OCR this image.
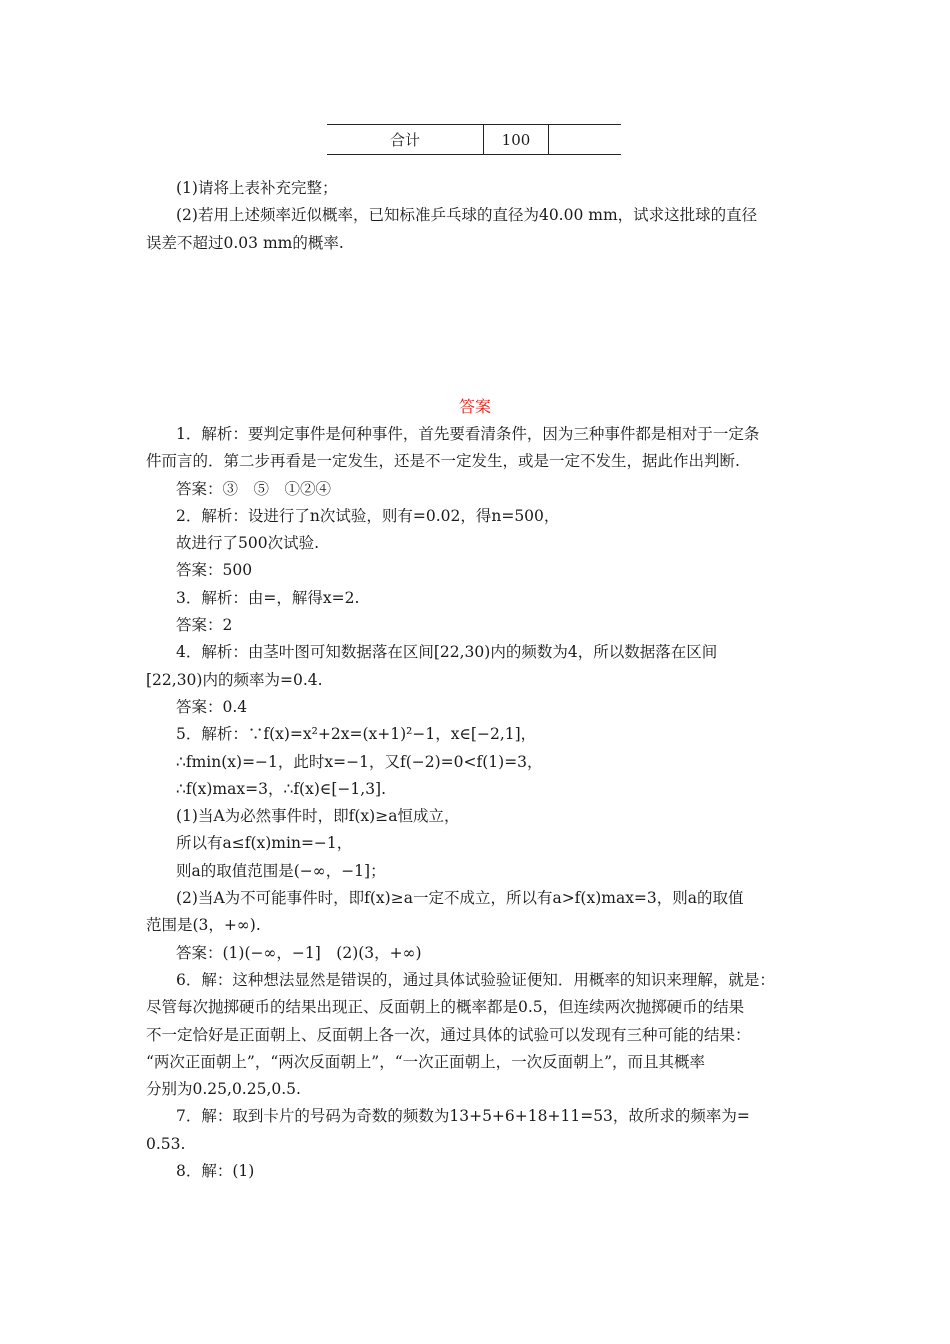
合计	100	

(1)请将上表补充完整；

(2)若用上述频率近似概率，已知标准乒乓球的直径为40.00 mm，试求这批球的直径

误差不超过0.03 mm的概率.

答案

1．解析：要判定事件是何种事件，首先要看清条件，因为三种事件都是相对于一定条

件而言的．第二步再看是一定发生，还是不一定发生，或是一定不发生，据此作出判断.

答案：③　⑤　①②④

2．解析：设进行了n次试验，则有=0.02，得n=500，

故进行了500次试验.

答案：500

3．解析：由=，解得x=2.

答案：2

4．解析：由茎叶图可知数据落在区间[22,30)内的频数为4，所以数据落在区间

[22,30)内的频率为=0.4.

答案：0.4

5．解析：∵f(x)=x²+2x=(x+1)²−1，x∈[−2,1]，

∴fmin(x)=−1，此时x=−1，又f(−2)=0<f(1)=3，

∴f(x)max=3，∴f(x)∈[−1,3].

(1)当A为必然事件时，即f(x)≥a恒成立，

所以有a≤f(x)min=−1，

则a的取值范围是(−∞，−1]；

(2)当A为不可能事件时，即f(x)≥a一定不成立，所以有a>f(x)max=3，则a的取值

范围是(3，+∞).

答案：(1)(−∞，−1]　(2)(3，+∞)

6．解：这种想法显然是错误的，通过具体试验验证便知．用概率的知识来理解，就是：

尽管每次抛掷硬币的结果出现正、反面朝上的概率都是0.5，但连续两次抛掷硬币的结果

不一定恰好是正面朝上、反面朝上各一次，通过具体的试验可以发现有三种可能的结果：

“两次正面朝上”，“两次反面朝上”，“一次正面朝上，一次反面朝上”，而且其概率

分别为0.25,0.25,0.5.

7．解：取到卡片的号码为奇数的频数为13+5+6+18+11=53，故所求的频率为=

0.53.

8．解：(1)
